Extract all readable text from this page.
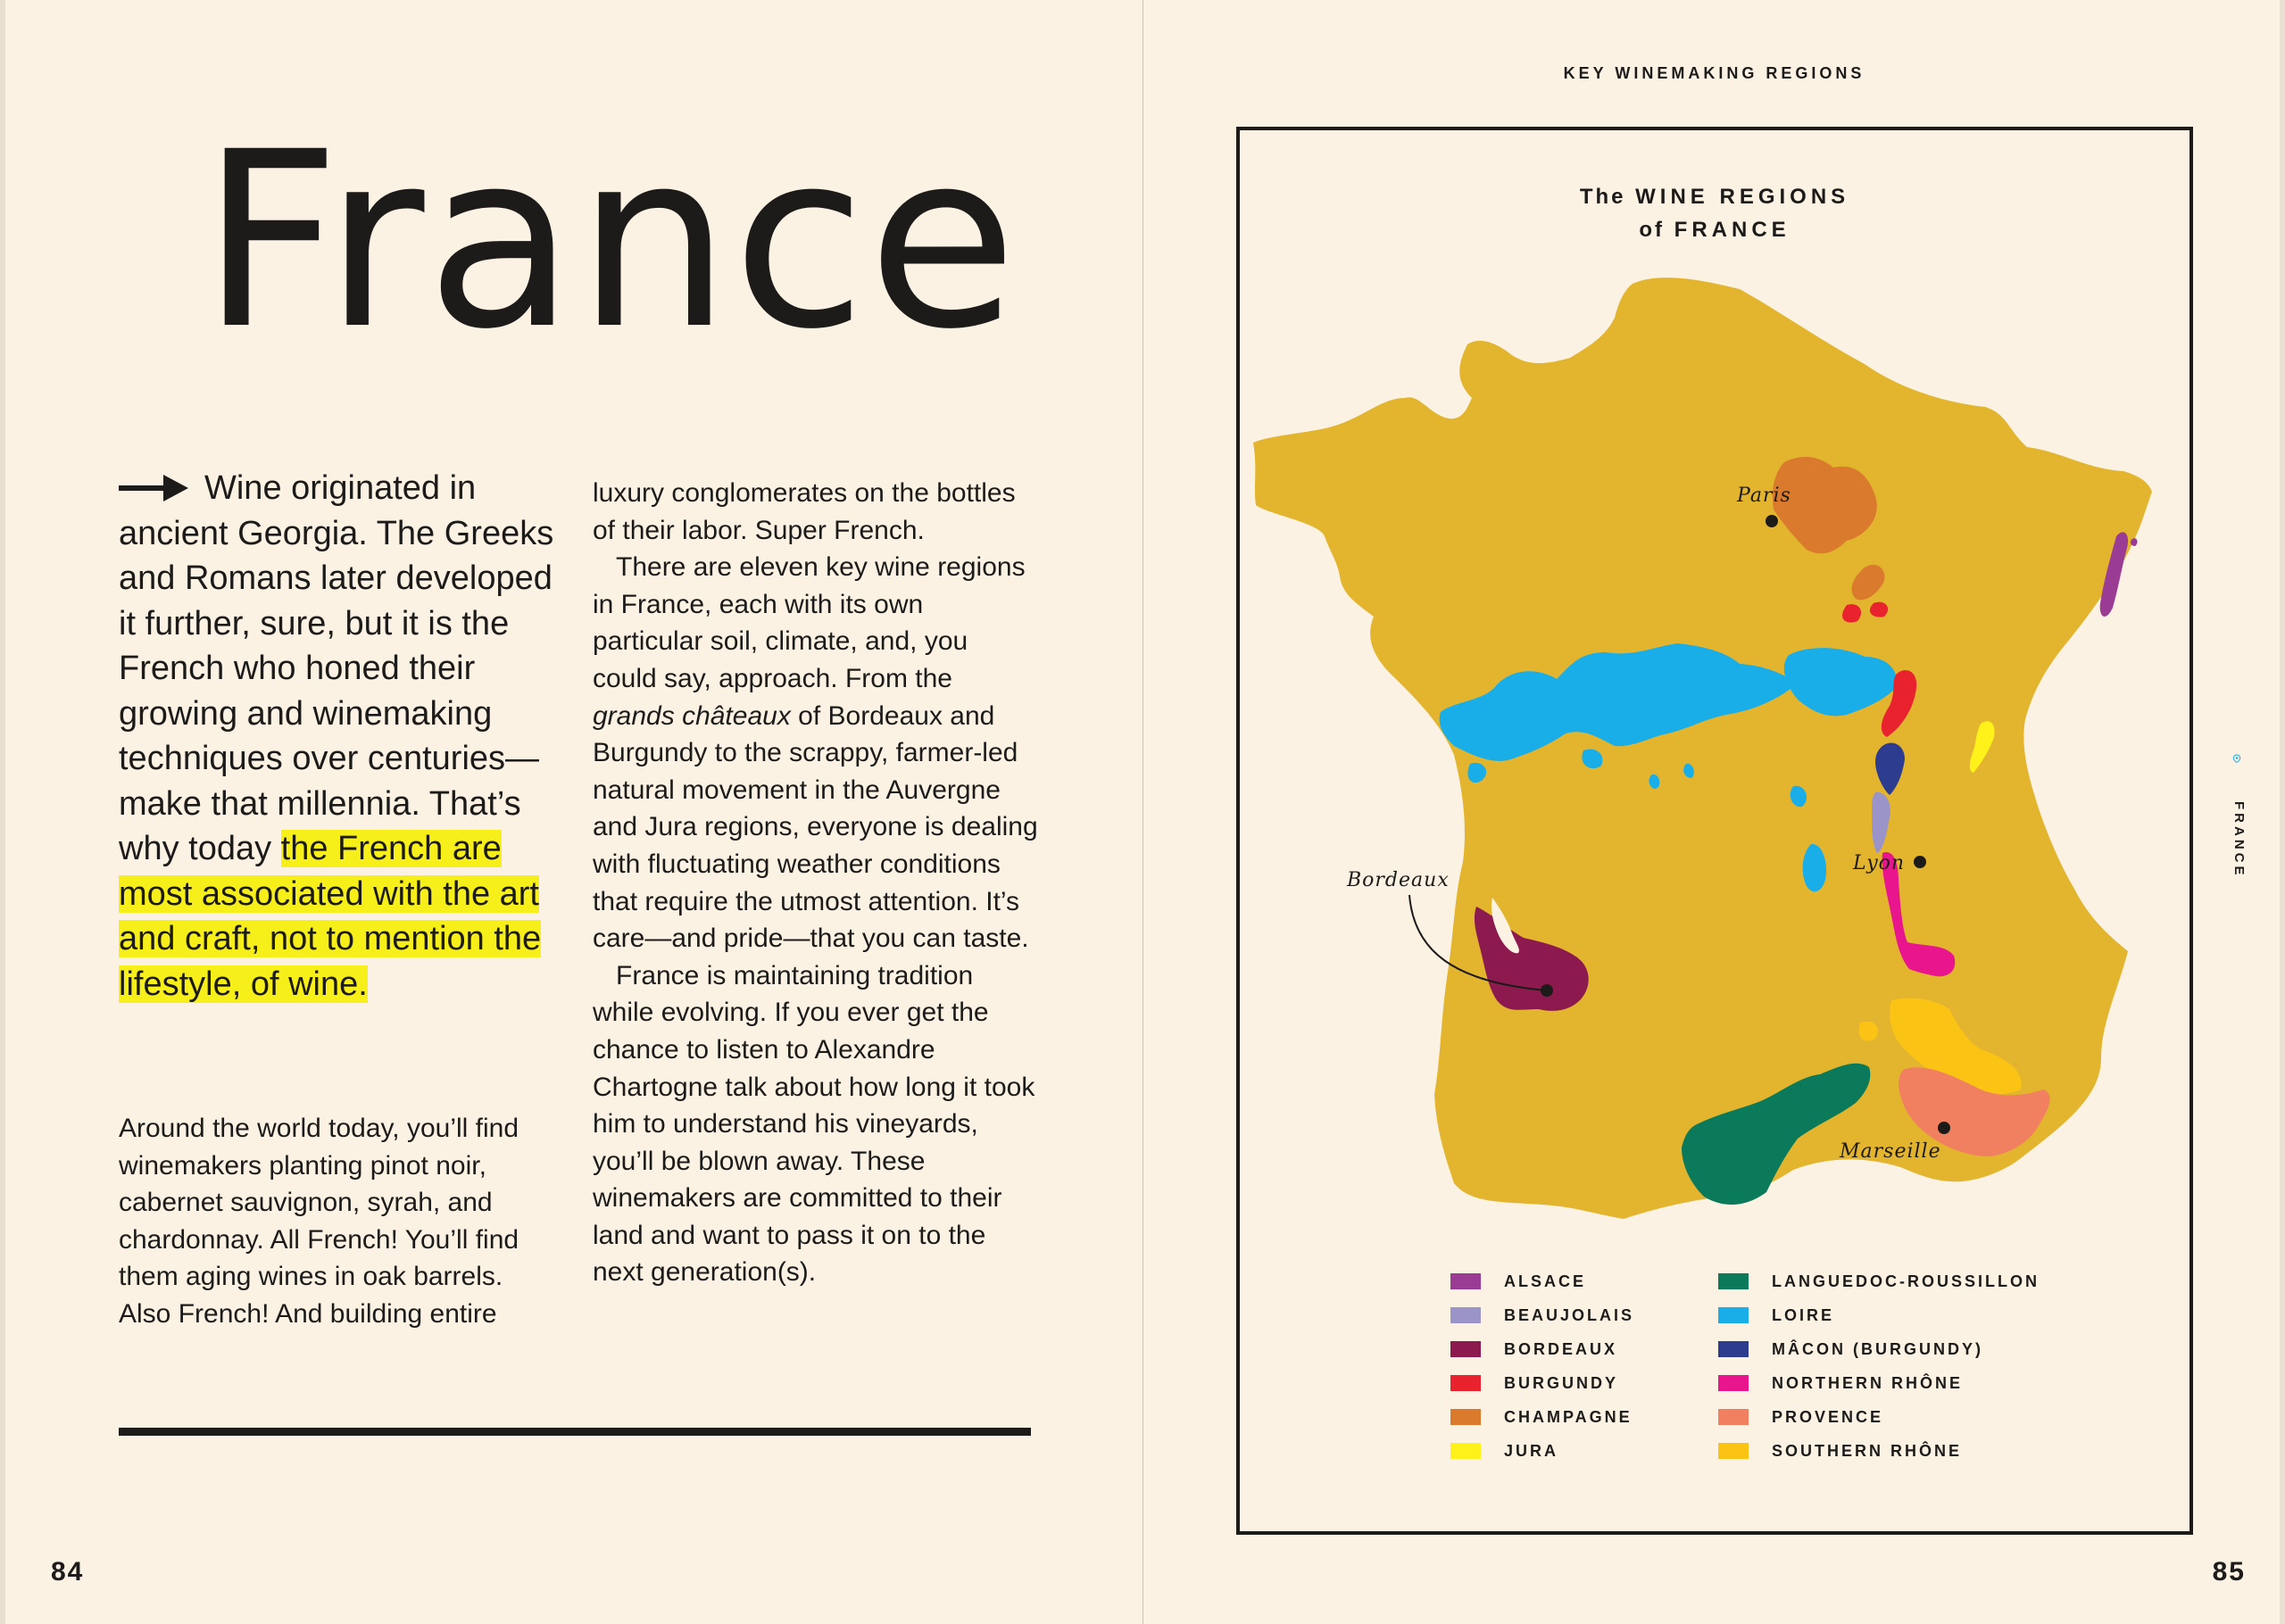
France
Wine originated in ancient Georgia. The Greeks and Romans later developed it further, sure, but it is the French who honed their growing and winemaking techniques over centuries—make that millennia. That’s why today the French are most associated with the art and craft, not to mention the lifestyle, of wine.
Around the world today, you’ll find winemakers planting pinot noir, cabernet sauvignon, syrah, and chardonnay. All French! You’ll find them aging wines in oak barrels. Also French! And building entire

luxury conglomerates on the bottles of their labor. Super French.

There are eleven key wine regions in France, each with its own particular soil, climate, and, you could say, approach. From the grands châteaux of Bordeaux and Burgundy to the scrappy, farmer-led natural movement in the Auvergne and Jura regions, everyone is dealing with fluctuating weather conditions that require the utmost attention. It’s care—and pride—that you can taste.

France is maintaining tradition while evolving. If you ever get the chance to listen to Alexandre Chartogne talk about how long it took him to understand his vineyards, you’ll be blown away. These winemakers are committed to their land and want to pass it on to the next generation(s).

84
KEY WINEMAKING REGIONS
The WINE REGIONS
of FRANCE
Paris
Lyon
Bordeaux
Marseille
ALSACE
BEAUJOLAIS
BORDEAUX
BURGUNDY
CHAMPAGNE
JURA
LANGUEDOC-ROUSSILLON
LOIRE
MÂCON (BURGUNDY)
NORTHERN RHÔNE
PROVENCE
SOUTHERN RHÔNE
FRANCE
85
